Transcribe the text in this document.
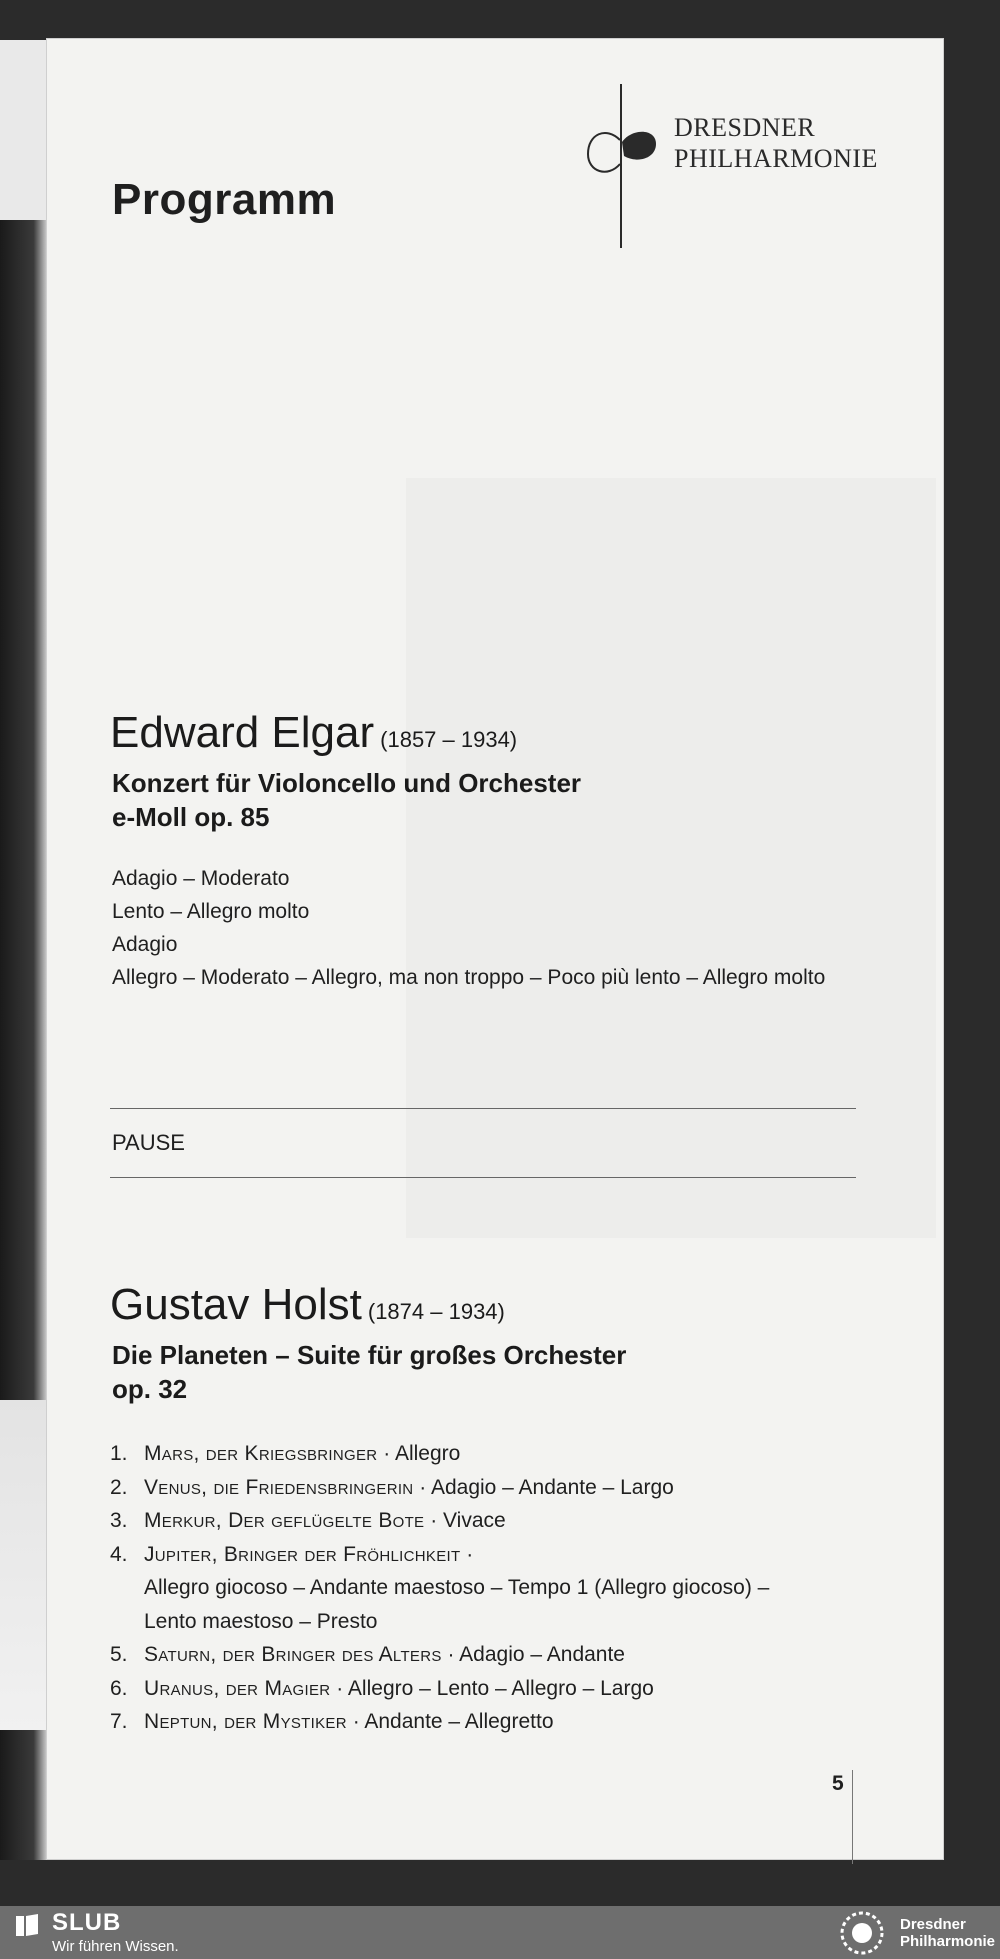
DRESDNER
PHILHARMONIE
Programm
Edward Elgar (1857 – 1934)
Konzert für Violoncello und Orchester
e-Moll op. 85
Adagio – Moderato
Lento – Allegro molto
Adagio
Allegro – Moderato – Allegro, ma non troppo – Poco più lento – Allegro molto
PAUSE
Gustav Holst (1874 – 1934)
Die Planeten – Suite für großes Orchester
op. 32
1. Mars, der Kriegsbringer · Allegro
2. Venus, die Friedensbringerin · Adagio – Andante – Largo
3. Merkur, Der geflügelte Bote · Vivace
4. Jupiter, Bringer der Fröhlichkeit ·
Allegro giocoso – Andante maestoso – Tempo 1 (Allegro giocoso) –
Lento maestoso – Presto
5. Saturn, der Bringer des Alters · Adagio – Andante
6. Uranus, der Magier · Allegro – Lento – Allegro – Largo
7. Neptun, der Mystiker · Andante – Allegretto
5
SLUB
Wir führen Wissen.
Dresdner
Philharmonie
